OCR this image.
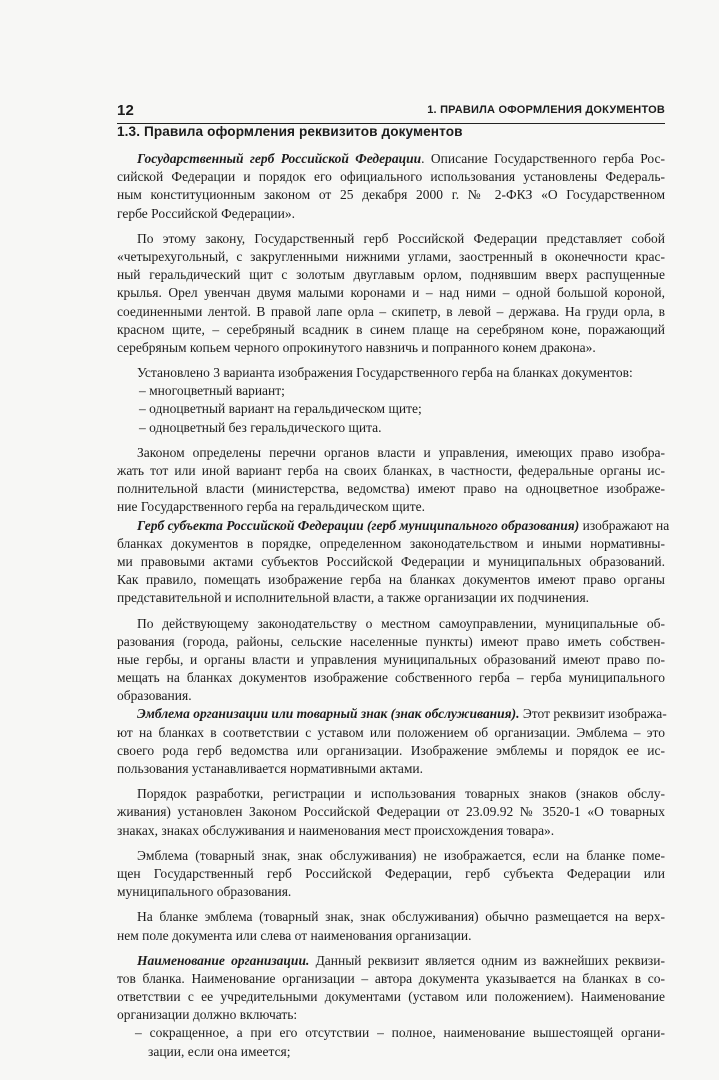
12	1. ПРАВИЛА ОФОРМЛЕНИЯ ДОКУМЕНТОВ
1.3. Правила оформления реквизитов документов
Государственный герб Российской Федерации. Описание Государственного герба Рос-
сийской Федерации и порядок его официального использования установлены Федераль-
ным конституционным законом от 25 декабря 2000 г. № 2-ФКЗ «О Государственном
гербе Российской Федерации».
По этому закону, Государственный герб Российской Федерации представляет собой
«четырехугольный, с закругленными нижними углами, заостренный в оконечности крас-
ный геральдический щит с золотым двуглавым орлом, поднявшим вверх распущенные
крылья. Орел увенчан двумя малыми коронами и – над ними – одной большой короной,
соединенными лентой. В правой лапе орла – скипетр, в левой – держава. На груди орла, в
красном щите, – серебряный всадник в синем плаще на серебряном коне, поражающий
серебряным копьем черного опрокинутого навзничь и попранного конем дракона».
Установлено 3 варианта изображения Государственного герба на бланках документов:
– многоцветный вариант;
– одноцветный вариант на геральдическом щите;
– одноцветный без геральдического щита.
Законом определены перечни органов власти и управления, имеющих право изобра-
жать тот или иной вариант герба на своих бланках, в частности, федеральные органы ис-
полнительной власти (министерства, ведомства) имеют право на одноцветное изображе-
ние Государственного герба на геральдическом щите.
Герб субъекта Российской Федерации (герб муниципального образования) изображают на
бланках документов в порядке, определенном законодательством и иными нормативны-
ми правовыми актами субъектов Российской Федерации и муниципальных образований.
Как правило, помещать изображение герба на бланках документов имеют право органы
представительной и исполнительной власти, а также организации их подчинения.
По действующему законодательству о местном самоуправлении, муниципальные об-
разования (города, районы, сельские населенные пункты) имеют право иметь собствен-
ные гербы, и органы власти и управления муниципальных образований имеют право по-
мещать на бланках документов изображение собственного герба – герба муниципального
образования.
Эмблема организации или товарный знак (знак обслуживания). Этот реквизит изобража-
ют на бланках в соответствии с уставом или положением об организации. Эмблема – это
своего рода герб ведомства или организации. Изображение эмблемы и порядок ее ис-
пользования устанавливается нормативными актами.
Порядок разработки, регистрации и использования товарных знаков (знаков обслу-
живания) установлен Законом Российской Федерации от 23.09.92 № 3520-1 «О товарных
знаках, знаках обслуживания и наименования мест происхождения товара».
Эмблема (товарный знак, знак обслуживания) не изображается, если на бланке поме-
щен Государственный герб Российской Федерации, герб субъекта Федерации или
муниципального образования.
На бланке эмблема (товарный знак, знак обслуживания) обычно размещается на верх-
нем поле документа или слева от наименования организации.
Наименование организации. Данный реквизит является одним из важнейших реквизи-
тов бланка. Наименование организации – автора документа указывается на бланках в со-
ответствии с ее учредительными документами (уставом или положением). Наименование
организации должно включать:
– сокращенное, а при его отсутствии – полное, наименование вышестоящей органи-
зации, если она имеется;
